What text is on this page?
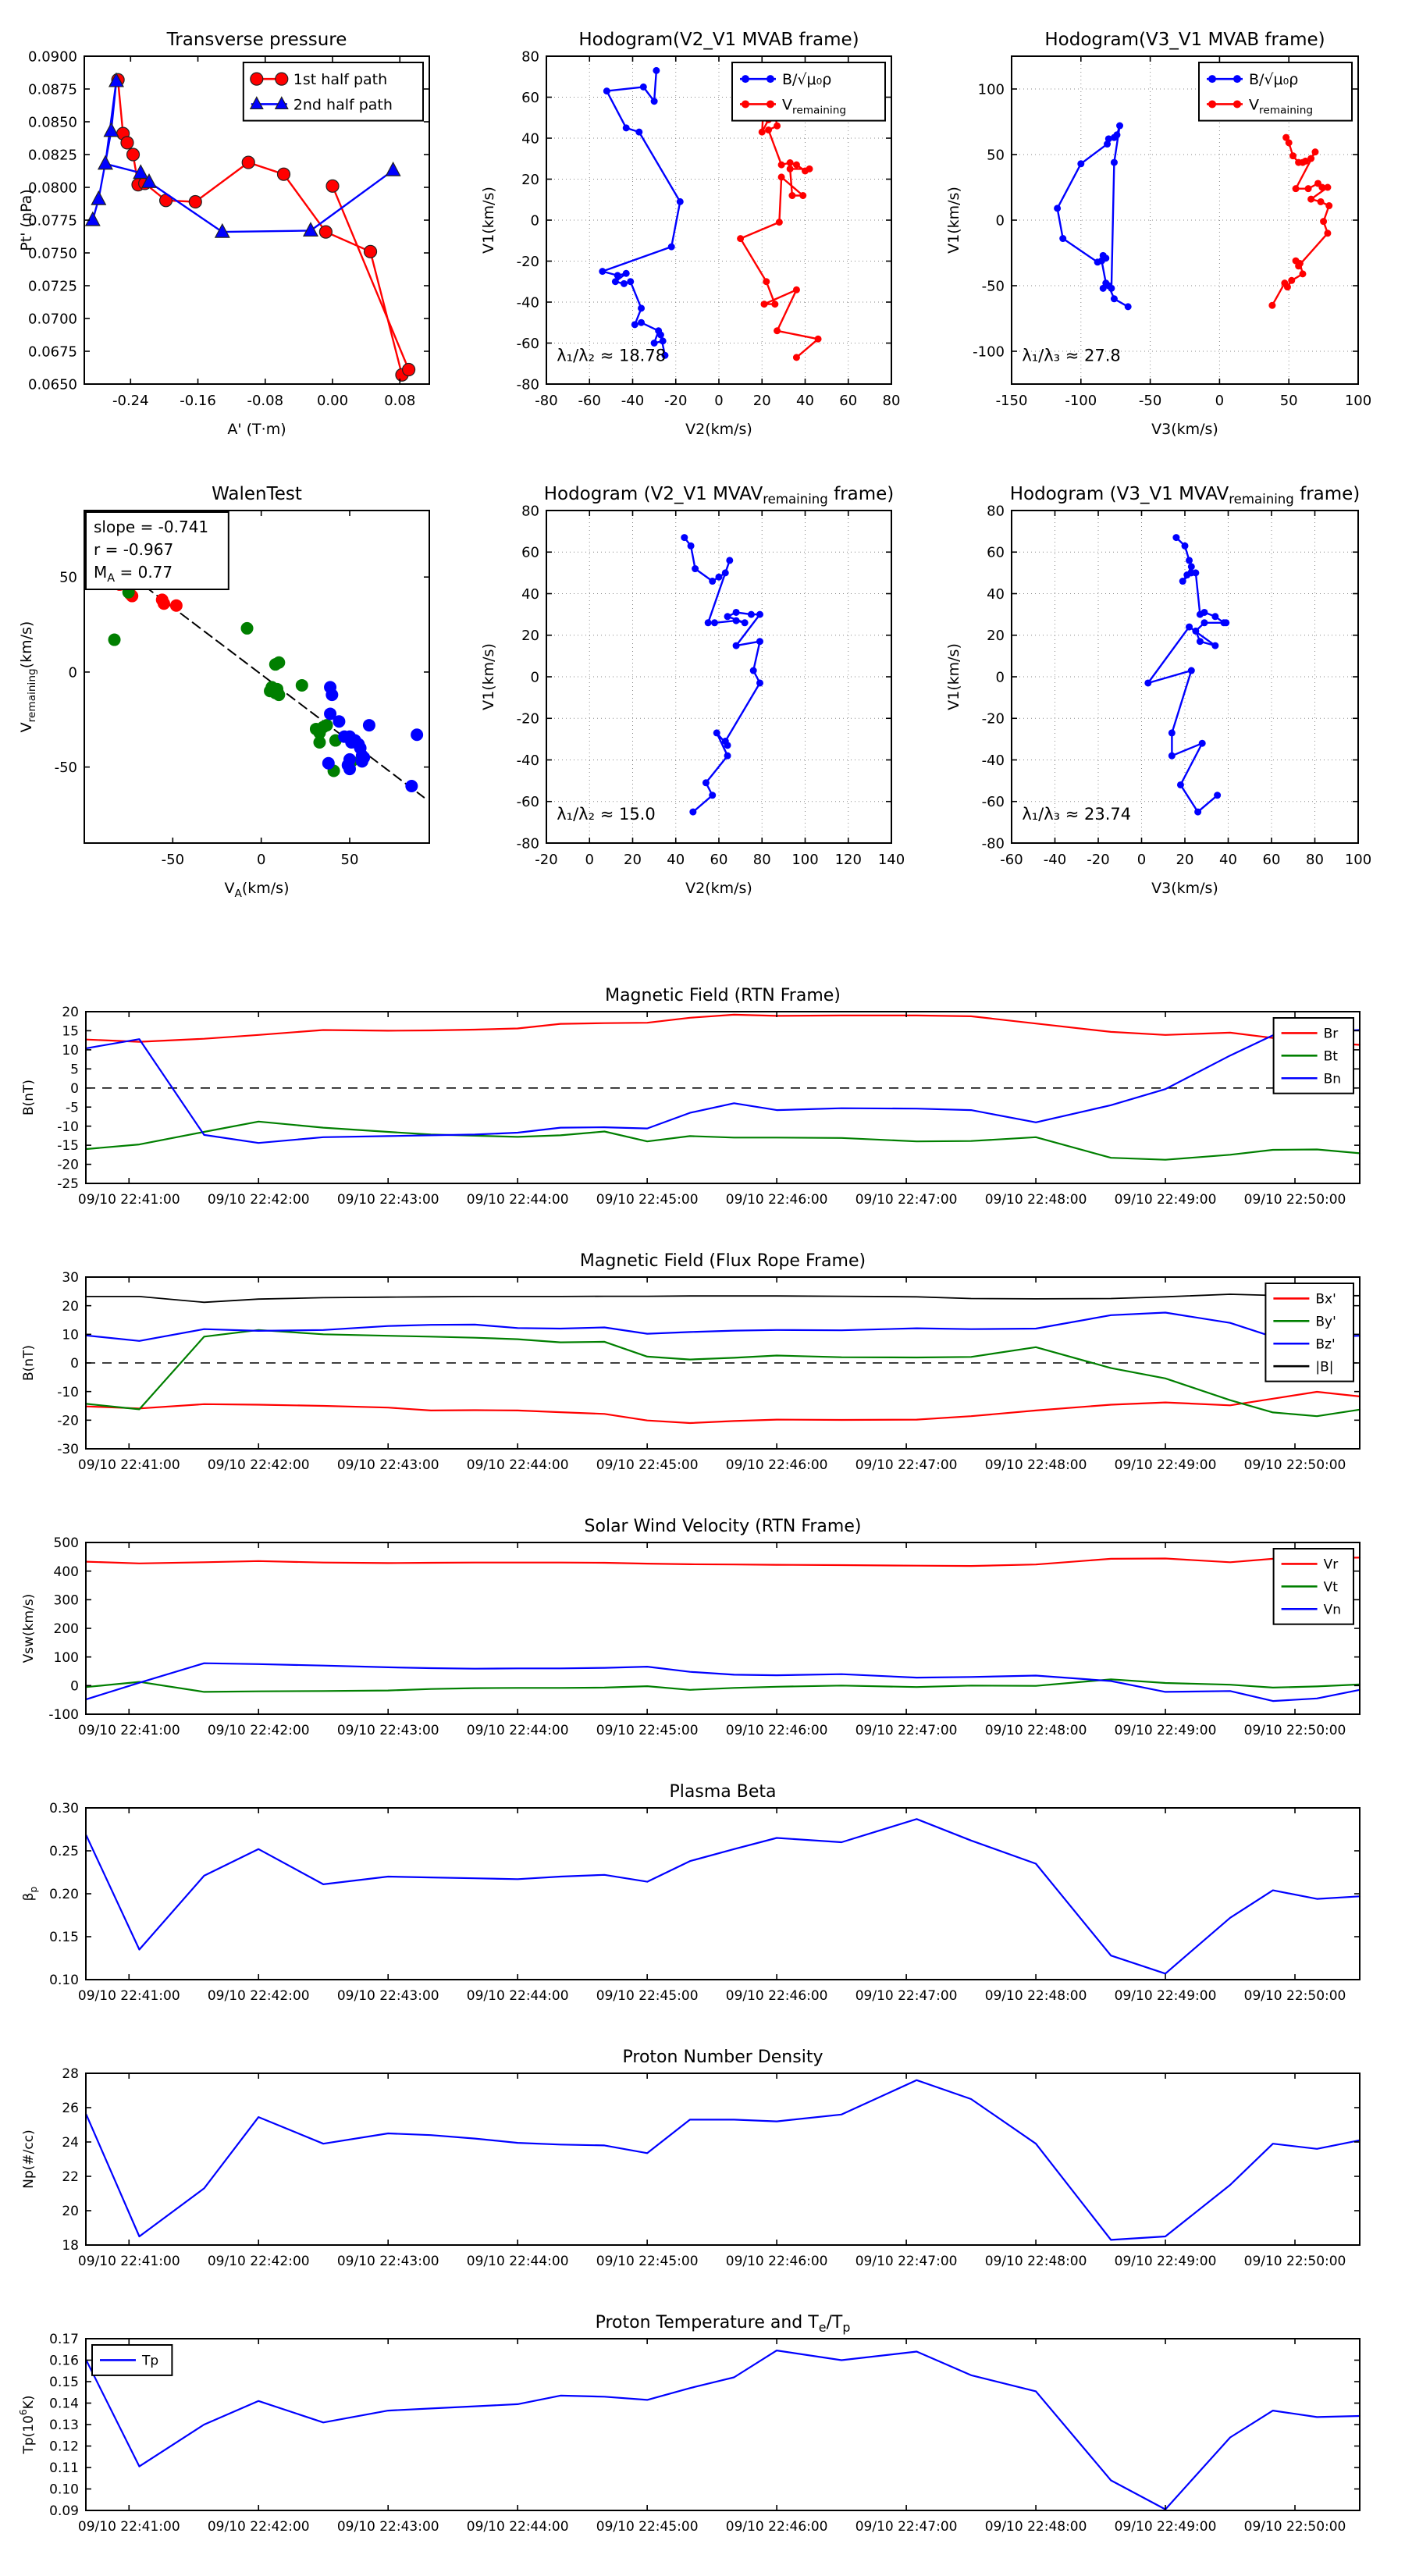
-0.24 -0.16 -0.08 0.00	0.08
0.0650
0.0675
0.0700
0.0725
0.0750
0.0775
0.0800
0.0825
0.0850
0.0875
0.0900
Transverse pressure
A' (T·m)
Pt' (nPa)
1st half path
2nd half path
-80 -60 -40 -20 0 20 40 60 80
-80
-60
-40
-20
0
20
40
60
80
Hodogram(V2_V1 MVAB frame)
V2(km/s)
V1(km/s)
λ₁/λ₂ ≈ 18.78
B/√μ₀ρ
$V_{remaining}$
-150	-100	-50	0	50	100
-100
-50
0
50
100
Hodogram(V3_V1 MVAB frame)
V3(km/s)
V1(km/s)
λ₁/λ₃ ≈ 27.8
B/√μ₀ρ
$V_{remaining}$
-50	0	50
-50
0
50
WalenTest
$V_A(km/s)$
$V_{remaining}(km/s)$
slope = -0.741
r = -0.967
$M_A = 0.77$
-20 0 20 40 60 80 100 120 140
-80
-60
-40
-20
0
20
40
60
80
Hodogram (V2_V1 $MVAV_{remaining}$ frame)
V2(km/s)
V1(km/s)
λ₁/λ₂ ≈ 15.0
-60 -40 -20 0 20 40 60 80 100
-80
-60
-40
-20
0
20
40
60
80
Hodogram (V3_V1 $MVAV_{remaining}$ frame)
V3(km/s)
V1(km/s)
λ₁/λ₃ ≈ 23.74
09/10 22:41:00 09/10 22:42:00 09/10 22:43:00 09/10 22:44:00 09/10 22:45:00 09/10 22:46:00 09/10 22:47:00 09/10 22:48:00 09/10 22:49:00 09/10 22:50:00
-25
-20
-15
-10
-5
0
5
10
15
20
Magnetic Field (RTN Frame)
B(nT)
Br
Bt
Bn
09/10 22:41:00 09/10 22:42:00 09/10 22:43:00 09/10 22:44:00 09/10 22:45:00 09/10 22:46:00 09/10 22:47:00 09/10 22:48:00 09/10 22:49:00 09/10 22:50:00
-30
-20
-10
0
10
20
30
Magnetic Field (Flux Rope Frame)
B(nT)
Bx'
By'
Bz'
|B|
09/10 22:41:00 09/10 22:42:00 09/10 22:43:00 09/10 22:44:00 09/10 22:45:00 09/10 22:46:00 09/10 22:47:00 09/10 22:48:00 09/10 22:49:00 09/10 22:50:00
-100
0
100
200
300
400
500
Solar Wind Velocity (RTN Frame)
Vsw(km/s)
Vr
Vt
Vn
09/10 22:41:00 09/10 22:42:00 09/10 22:43:00 09/10 22:44:00 09/10 22:45:00 09/10 22:46:00 09/10 22:47:00 09/10 22:48:00 09/10 22:49:00 09/10 22:50:00
0.10
0.15
0.20
0.25
0.30
Plasma Beta
$\beta_p$
09/10 22:41:00 09/10 22:42:00 09/10 22:43:00 09/10 22:44:00 09/10 22:45:00 09/10 22:46:00 09/10 22:47:00 09/10 22:48:00 09/10 22:49:00 09/10 22:50:00
18
20
22
24
26
28
Proton Number Density
Np(#/cc)
09/10 22:41:00 09/10 22:42:00 09/10 22:43:00 09/10 22:44:00 09/10 22:45:00 09/10 22:46:00 09/10 22:47:00 09/10 22:48:00 09/10 22:49:00 09/10 22:50:00
0.09
0.10
0.11
0.12
0.13
0.14
0.15
0.16
0.17
Proton Temperature and $T_e/T_p$
$Tp(10^6K)$
Tp
